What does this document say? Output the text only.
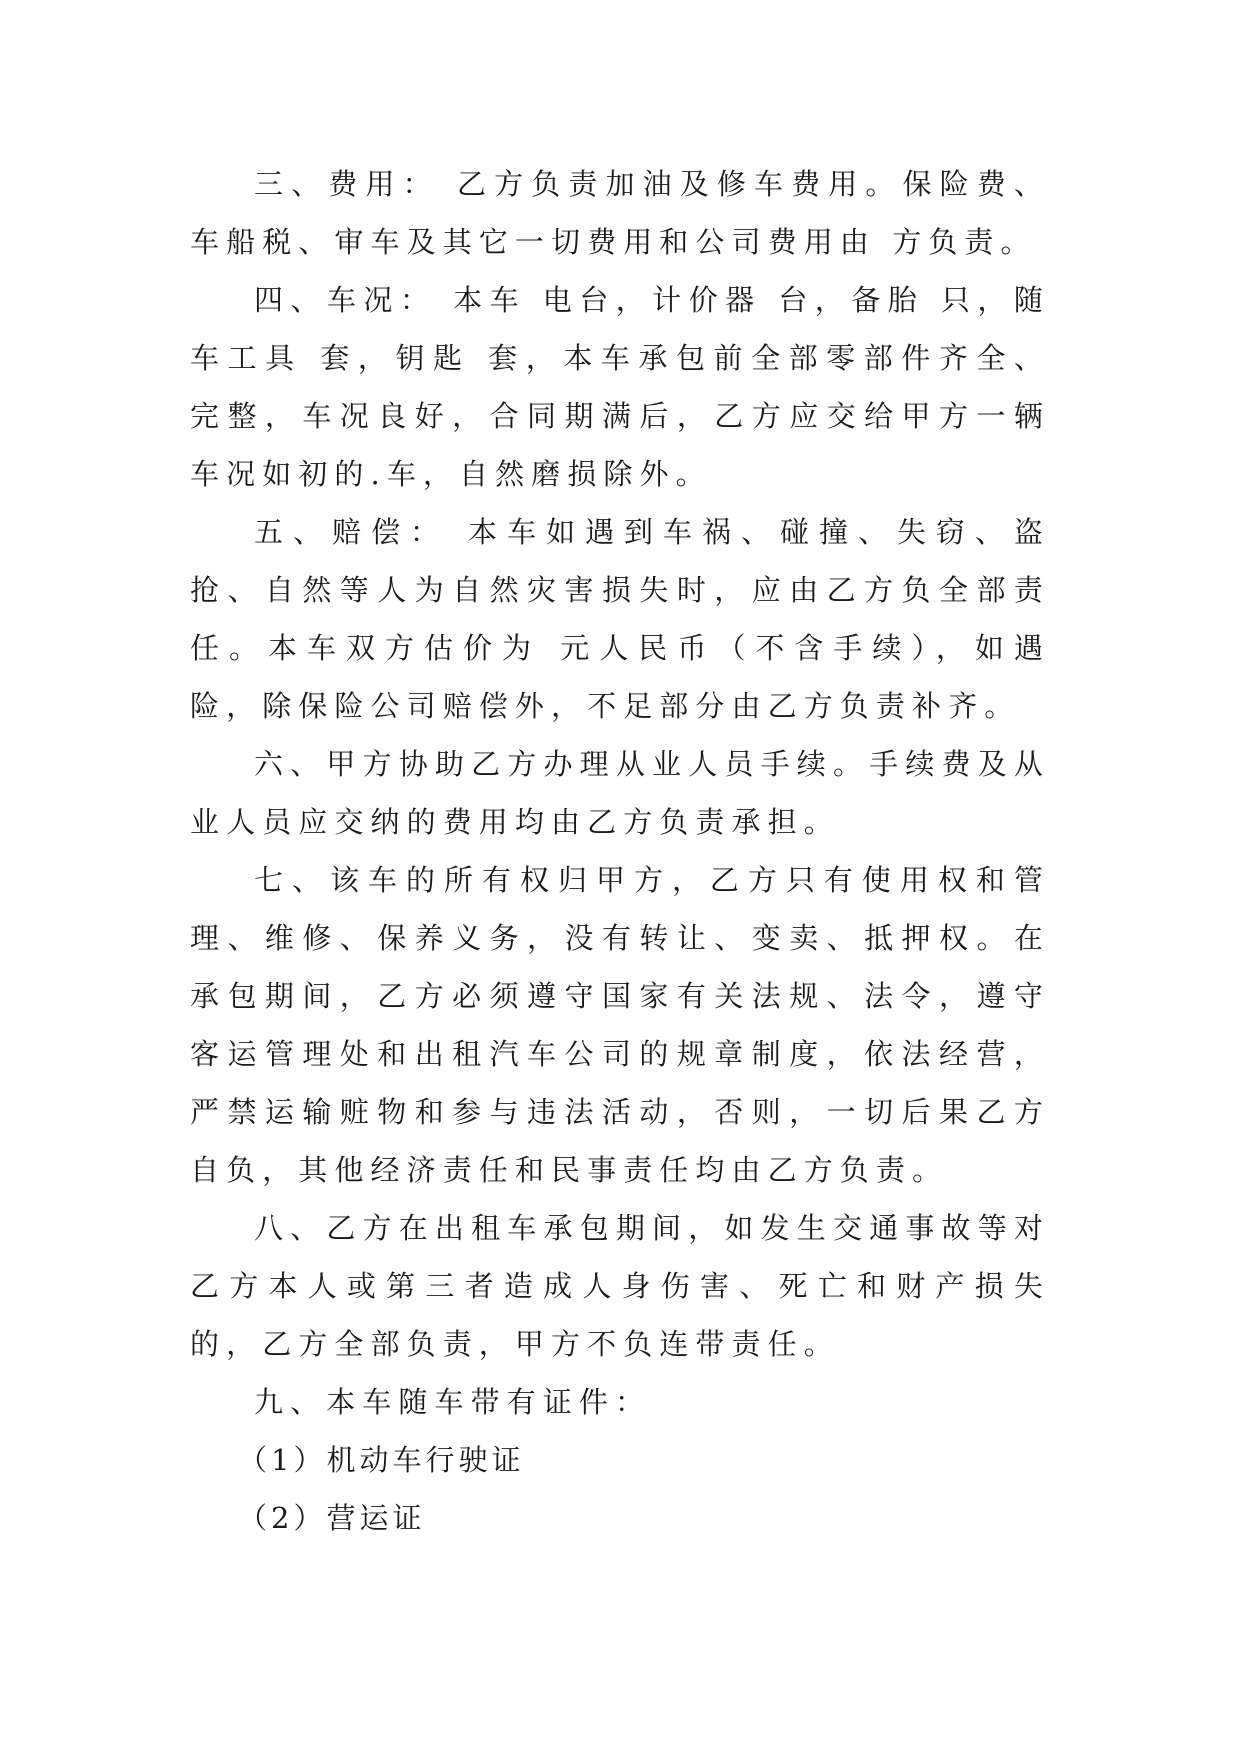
三、费用： 乙方负责加油及修车费用。保险费、车船税、审车及其它一切费用和公司费用由 方负责。

四、车况： 本车 电台，计价器 台，备胎 只，随车工具 套，钥匙 套，本车承包前全部零部件齐全、完整，车况良好，合同期满后，乙方应交给甲方一辆车况如初的.车，自然磨损除外。

五、赔偿： 本车如遇到车祸、碰撞、失窃、盗抢、自然等人为自然灾害损失时，应由乙方负全部责任。本车双方估价为 元人民币（不含手续），如遇险，除保险公司赔偿外，不足部分由乙方负责补齐。

六、甲方协助乙方办理从业人员手续。手续费及从业人员应交纳的费用均由乙方负责承担。

七、该车的所有权归甲方，乙方只有使用权和管理、维修、保养义务，没有转让、变卖、抵押权。在承包期间，乙方必须遵守国家有关法规、法令，遵守客运管理处和出租汽车公司的规章制度，依法经营，严禁运输赃物和参与违法活动，否则，一切后果乙方自负，其他经济责任和民事责任均由乙方负责。

八、乙方在出租车承包期间，如发生交通事故等对乙方本人或第三者造成人身伤害、死亡和财产损失的，乙方全部负责，甲方不负连带责任。

九、本车随车带有证件：

（1）机动车行驶证

（2）营运证
